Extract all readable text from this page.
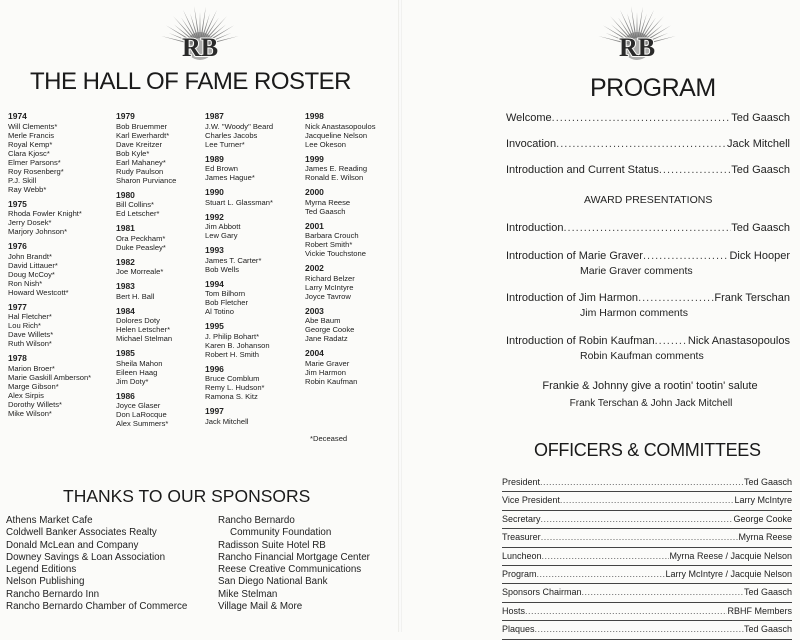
RB
THE HALL OF FAME ROSTER
1974
Will Clements*
Merle Francis
Royal Kemp*
Clara Kjosc*
Elmer Parsons*
Roy Rosenberg*
P.J. Skill
Ray Webb*
1975
Rhoda Fowler Knight*
Jerry Dosek*
Marjory Johnson*
1976
John Brandt*
David Littauer*
Doug McCoy*
Ron Nish*
Howard Westcott*
1977
Hal Fletcher*
Lou Rich*
Dave Willets*
Ruth Wilson*
1978
Marion Broer*
Marie Gaskill Amberson*
Marge Gibson*
Alex Sirpis
Dorothy Willets*
Mike Wilson*
1979
Bob Bruemmer
Karl Ewerhardt*
Dave Kreitzer
Bob Kyle*
Earl Mahaney*
Rudy Paulson
Sharon Purviance
1980
Bill Collins*
Ed Letscher*
1981
Ora Peckham*
Duke Peasley*
1982
Joe Morreale*
1983
Bert H. Ball
1984
Dolores Doty
Helen Letscher*
Michael Stelman
1985
Sheila Mahon
Eileen Haag
Jim Doty*
1986
Joyce Glaser
Don LaRocque
Alex Summers*
1987
J.W. "Woody" Beard
Charles Jacobs
Lee Turner*
1989
Ed Brown
James Hague*
1990
Stuart L. Glassman*
1992
Jim Abbott
Lew Gary
1993
James T. Carter*
Bob Wells
1994
Tom Bilhorn
Bob Fletcher
Al Totino
1995
J. Philip Bohart*
Karen B. Johanson
Robert H. Smith
1996
Bruce Comblum
Remy L. Hudson*
Ramona S. Kitz
1997
Jack Mitchell
1998
Nick Anastasopoulos
Jacqueline Nelson
Lee Okeson
1999
James E. Reading
Ronald E. Wilson
2000
Myrna Reese
Ted Gaasch
2001
Barbara Crouch
Robert Smith*
Vickie Touchstone
2002
Richard Belzer
Larry McIntyre
Joyce Tavrow
2003
Abe Baum
George Cooke
Jane Radatz
2004
Marie Graver
Jim Harmon
Robin Kaufman
*Deceased
THANKS TO OUR SPONSORS
Athens Market Cafe
Coldwell Banker Associates Realty
Donald McLean and Company
Downey Savings & Loan Association
Legend Editions
Nelson Publishing
Rancho Bernardo Inn
Rancho Bernardo Chamber of Commerce
Rancho Bernardo
Community Foundation
Radisson Suite Hotel RB
Rancho Financial Mortgage Center
Reese Creative Communications
San Diego National Bank
Mike Stelman
Village Mail & More
RB
PROGRAM
Welcome .....	Ted Gaasch
Invocation .....	Jack Mitchell
Introduction and Current Status .....	Ted Gaasch
Introduction .....	Ted Gaasch
Introduction of Marie Graver .....	Dick Hooper
Marie Graver comments
Introduction of Jim Harmon .....	Frank Terschan
Jim Harmon comments
Introduction of Robin Kaufman .....	Nick Anastasopoulos
Robin Kaufman comments
AWARD PRESENTATIONS
Frankie & Johnny give a rootin' tootin' salute
Frank Terschan & John Jack Mitchell
OFFICERS & COMMITTEES
President .....	Ted Gaasch
Vice President .....	Larry McIntyre
Secretary .....	George Cooke
Treasurer .....	Myrna Reese
Luncheon .....	Myrna Reese / Jacquie Nelson
Program .....	Larry McIntyre / Jacquie Nelson
Sponsors Chairman .....	Ted Gaasch
Hosts .....	RBHF Members
Plaques .....	Ted Gaasch
